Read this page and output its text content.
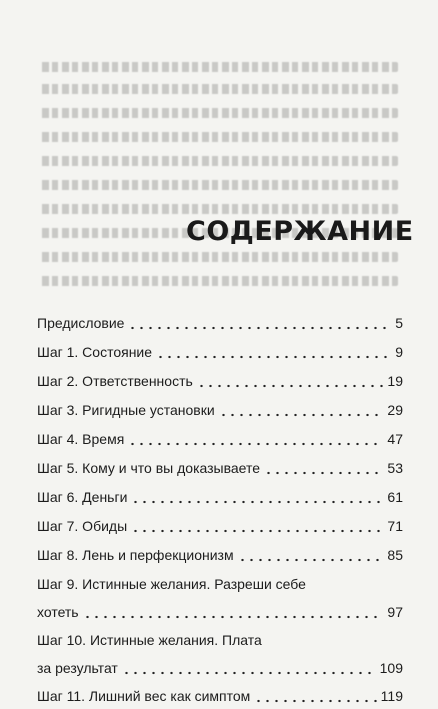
СОДЕРЖАНИЕ
Предисловие	5
Шаг 1. Состояние	9
Шаг 2. Ответственность	19
Шаг 3. Ригидные установки	29
Шаг 4. Время	47
Шаг 5. Кому и что вы доказываете	53
Шаг 6. Деньги	61
Шаг 7. Обиды	71
Шаг 8. Лень и перфекционизм	85
Шаг 9. Истинные желания. Разреши себе
хотеть	97
Шаг 10. Истинные желания. Плата
за результат	109
Шаг 11. Лишний вес как симптом	119
